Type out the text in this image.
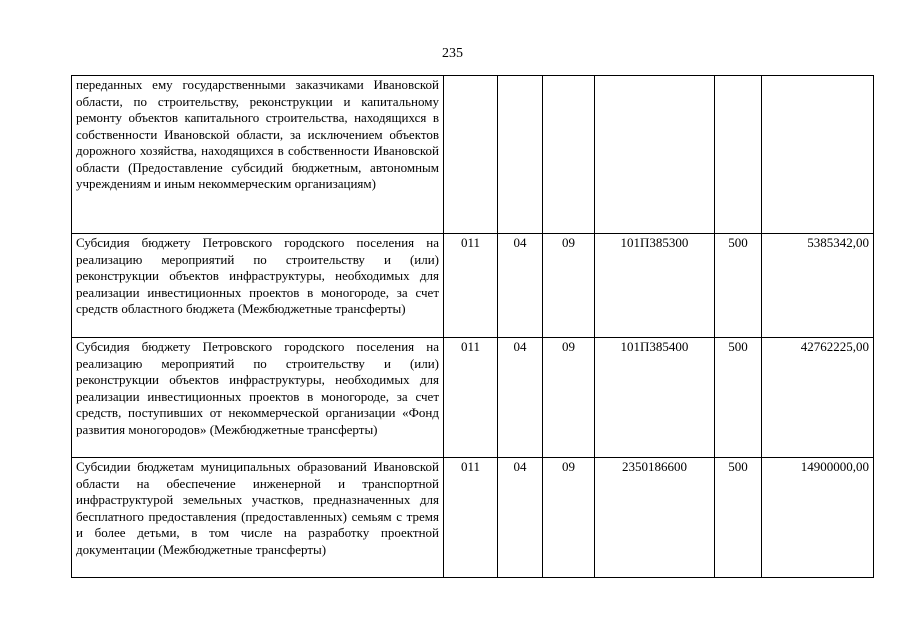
235
переданных ему государственными заказчиками Ивановской области, по строительству, реконструкции и капитальному ремонту объектов капитального строительства, находящихся в собственности Ивановской области, за исключением объектов дорожного хозяйства, находящихся в собственности Ивановской области (Предоставление субсидий бюджетным, автономным учреждениям и иным некоммерческим организациям)						
Субсидия бюджету Петровского городского поселения на реализацию мероприятий по строительству и (или) реконструкции объектов инфраструктуры, необходимых для реализации инвестиционных проектов в моногороде, за счет средств областного бюджета (Межбюджетные трансферты)	011	04	09	101П385300	500	5385342,00
Субсидия бюджету Петровского городского поселения на реализацию мероприятий по строительству и (или) реконструкции объектов инфраструктуры, необходимых для реализации инвестиционных проектов в моногороде, за счет средств, поступивших от некоммерческой организации «Фонд развития моногородов» (Межбюджетные трансферты)	011	04	09	101П385400	500	42762225,00
Субсидии бюджетам муниципальных образований Ивановской области на обеспечение инженерной и транспортной инфраструктурой земельных участков, предназначенных для бесплатного предоставления (предоставленных) семьям с тремя и более детьми, в том числе на разработку проектной документации (Межбюджетные трансферты)	011	04	09	2350186600	500	14900000,00
